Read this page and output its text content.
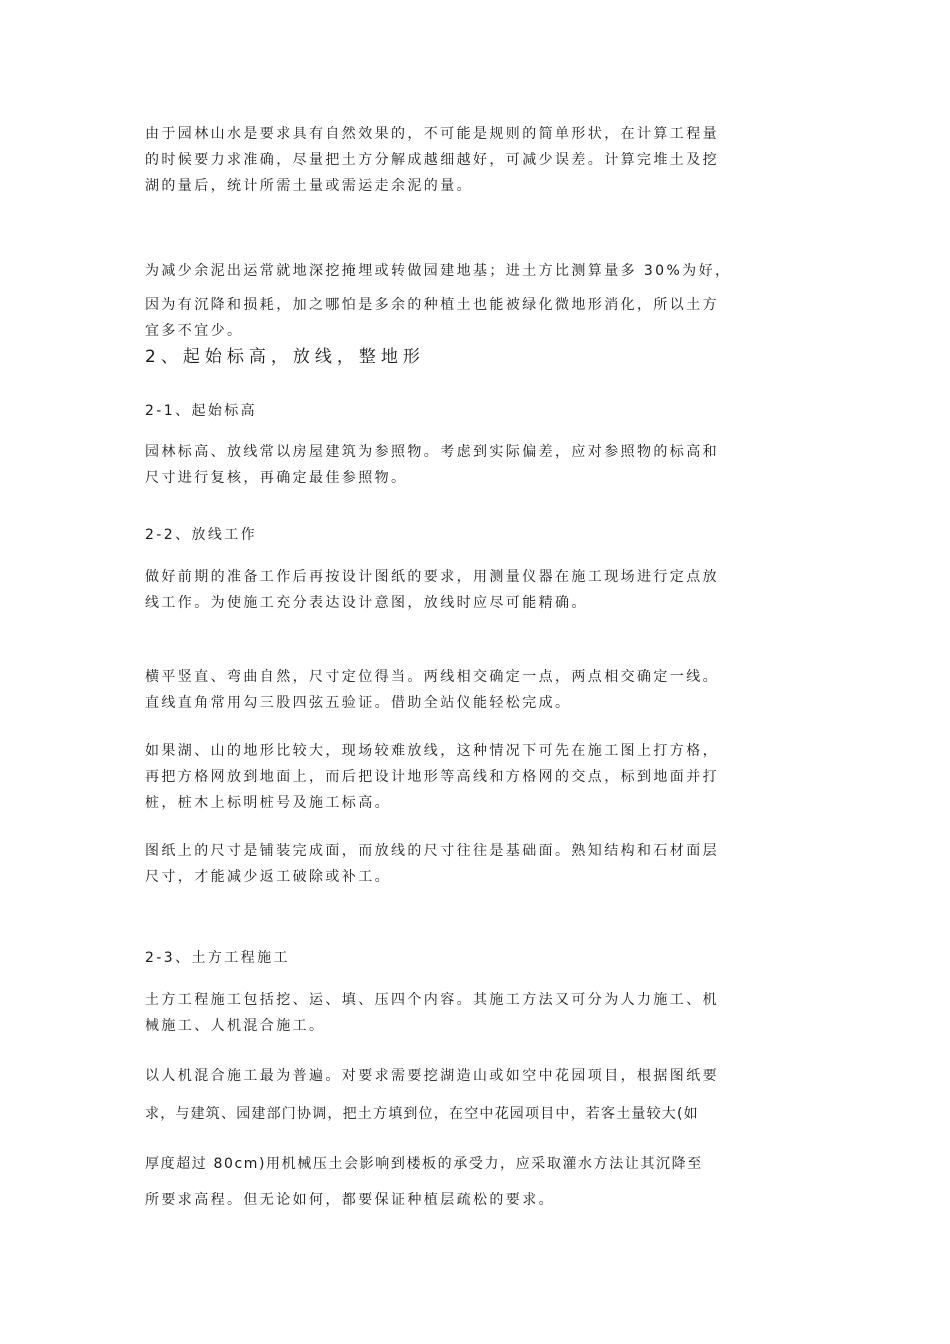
由于园林山水是要求具有自然效果的，不可能是规则的简单形状，在计算工程量
的时候要力求准确，尽量把土方分解成越细越好，可减少误差。计算完堆土及挖
湖的量后，统计所需土量或需运走余泥的量。
为减少余泥出运常就地深挖掩埋或转做园建地基；进土方比测算量多 30%为好，
因为有沉降和损耗，加之哪怕是多余的种植土也能被绿化微地形消化，所以土方
宜多不宜少。
2、起始标高，放线，整地形
2-1、起始标高
园林标高、放线常以房屋建筑为参照物。考虑到实际偏差，应对参照物的标高和
尺寸进行复核，再确定最佳参照物。
2-2、放线工作
做好前期的准备工作后再按设计图纸的要求，用测量仪器在施工现场进行定点放
线工作。为使施工充分表达设计意图，放线时应尽可能精确。
横平竖直、弯曲自然，尺寸定位得当。两线相交确定一点，两点相交确定一线。
直线直角常用勾三股四弦五验证。借助全站仪能轻松完成。
如果湖、山的地形比较大，现场较难放线，这种情况下可先在施工图上打方格，
再把方格网放到地面上，而后把设计地形等高线和方格网的交点，标到地面并打
桩，桩木上标明桩号及施工标高。
图纸上的尺寸是铺装完成面，而放线的尺寸往往是基础面。熟知结构和石材面层
尺寸，才能减少返工破除或补工。
2-3、土方工程施工
土方工程施工包括挖、运、填、压四个内容。其施工方法又可分为人力施工、机
械施工、人机混合施工。
以人机混合施工最为普遍。对要求需要挖湖造山或如空中花园项目，根据图纸要
求，与建筑、园建部门协调，把土方填到位，在空中花园项目中，若客土量较大(如
厚度超过 80cm)用机械压土会影响到楼板的承受力，应采取灌水方法让其沉降至
所要求高程。但无论如何，都要保证种植层疏松的要求。
